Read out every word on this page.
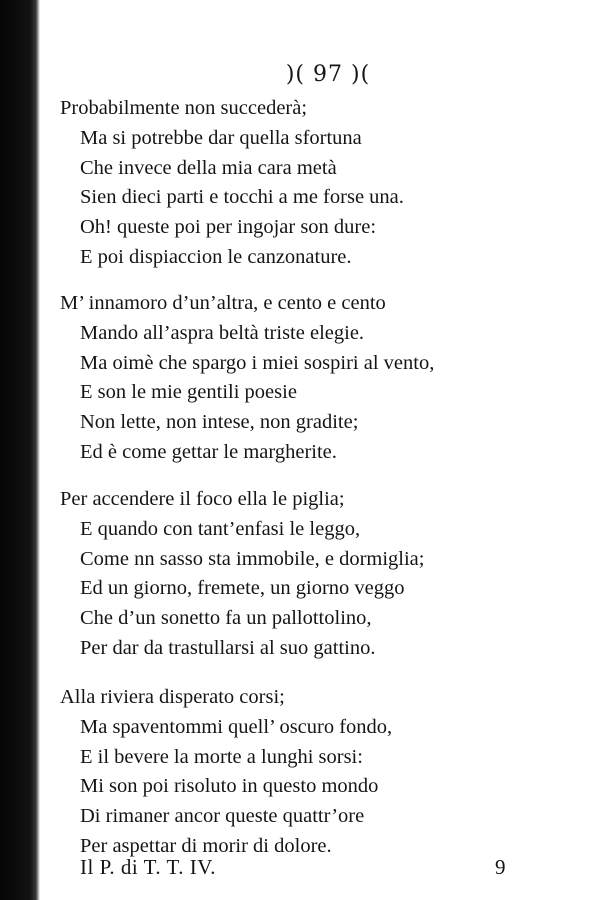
)( 97 )(
Probabilmente non succederà;
Ma si potrebbe dar quella sfortuna
Che invece della mia cara metà
Sien dieci parti e tocchi a me forse una.
Oh! queste poi per ingojar son dure:
E poi dispiaccion le canzonature.
M’ innamoro d’un’altra, e cento e cento
Mando all’aspra beltà triste elegie.
Ma oimè che spargo i miei sospiri al vento,
E son le mie gentili poesie
Non lette, non intese, non gradite;
Ed è come gettar le margherite.
Per accendere il foco ella le piglia;
E quando con tant’enfasi le leggo,
Come nn sasso sta immobile, e dormiglia;
Ed un giorno, fremete, un giorno veggo
Che d’un sonetto fa un pallottolino,
Per dar da trastullarsi al suo gattino.
Alla riviera disperato corsi;
Ma spaventommi quell’ oscuro fondo,
E il bevere la morte a lunghi sorsi:
Mi son poi risoluto in questo mondo
Di rimaner ancor queste quattr’ore
Per aspettar di morir di dolore.
Il P. di T. T. IV.	9
